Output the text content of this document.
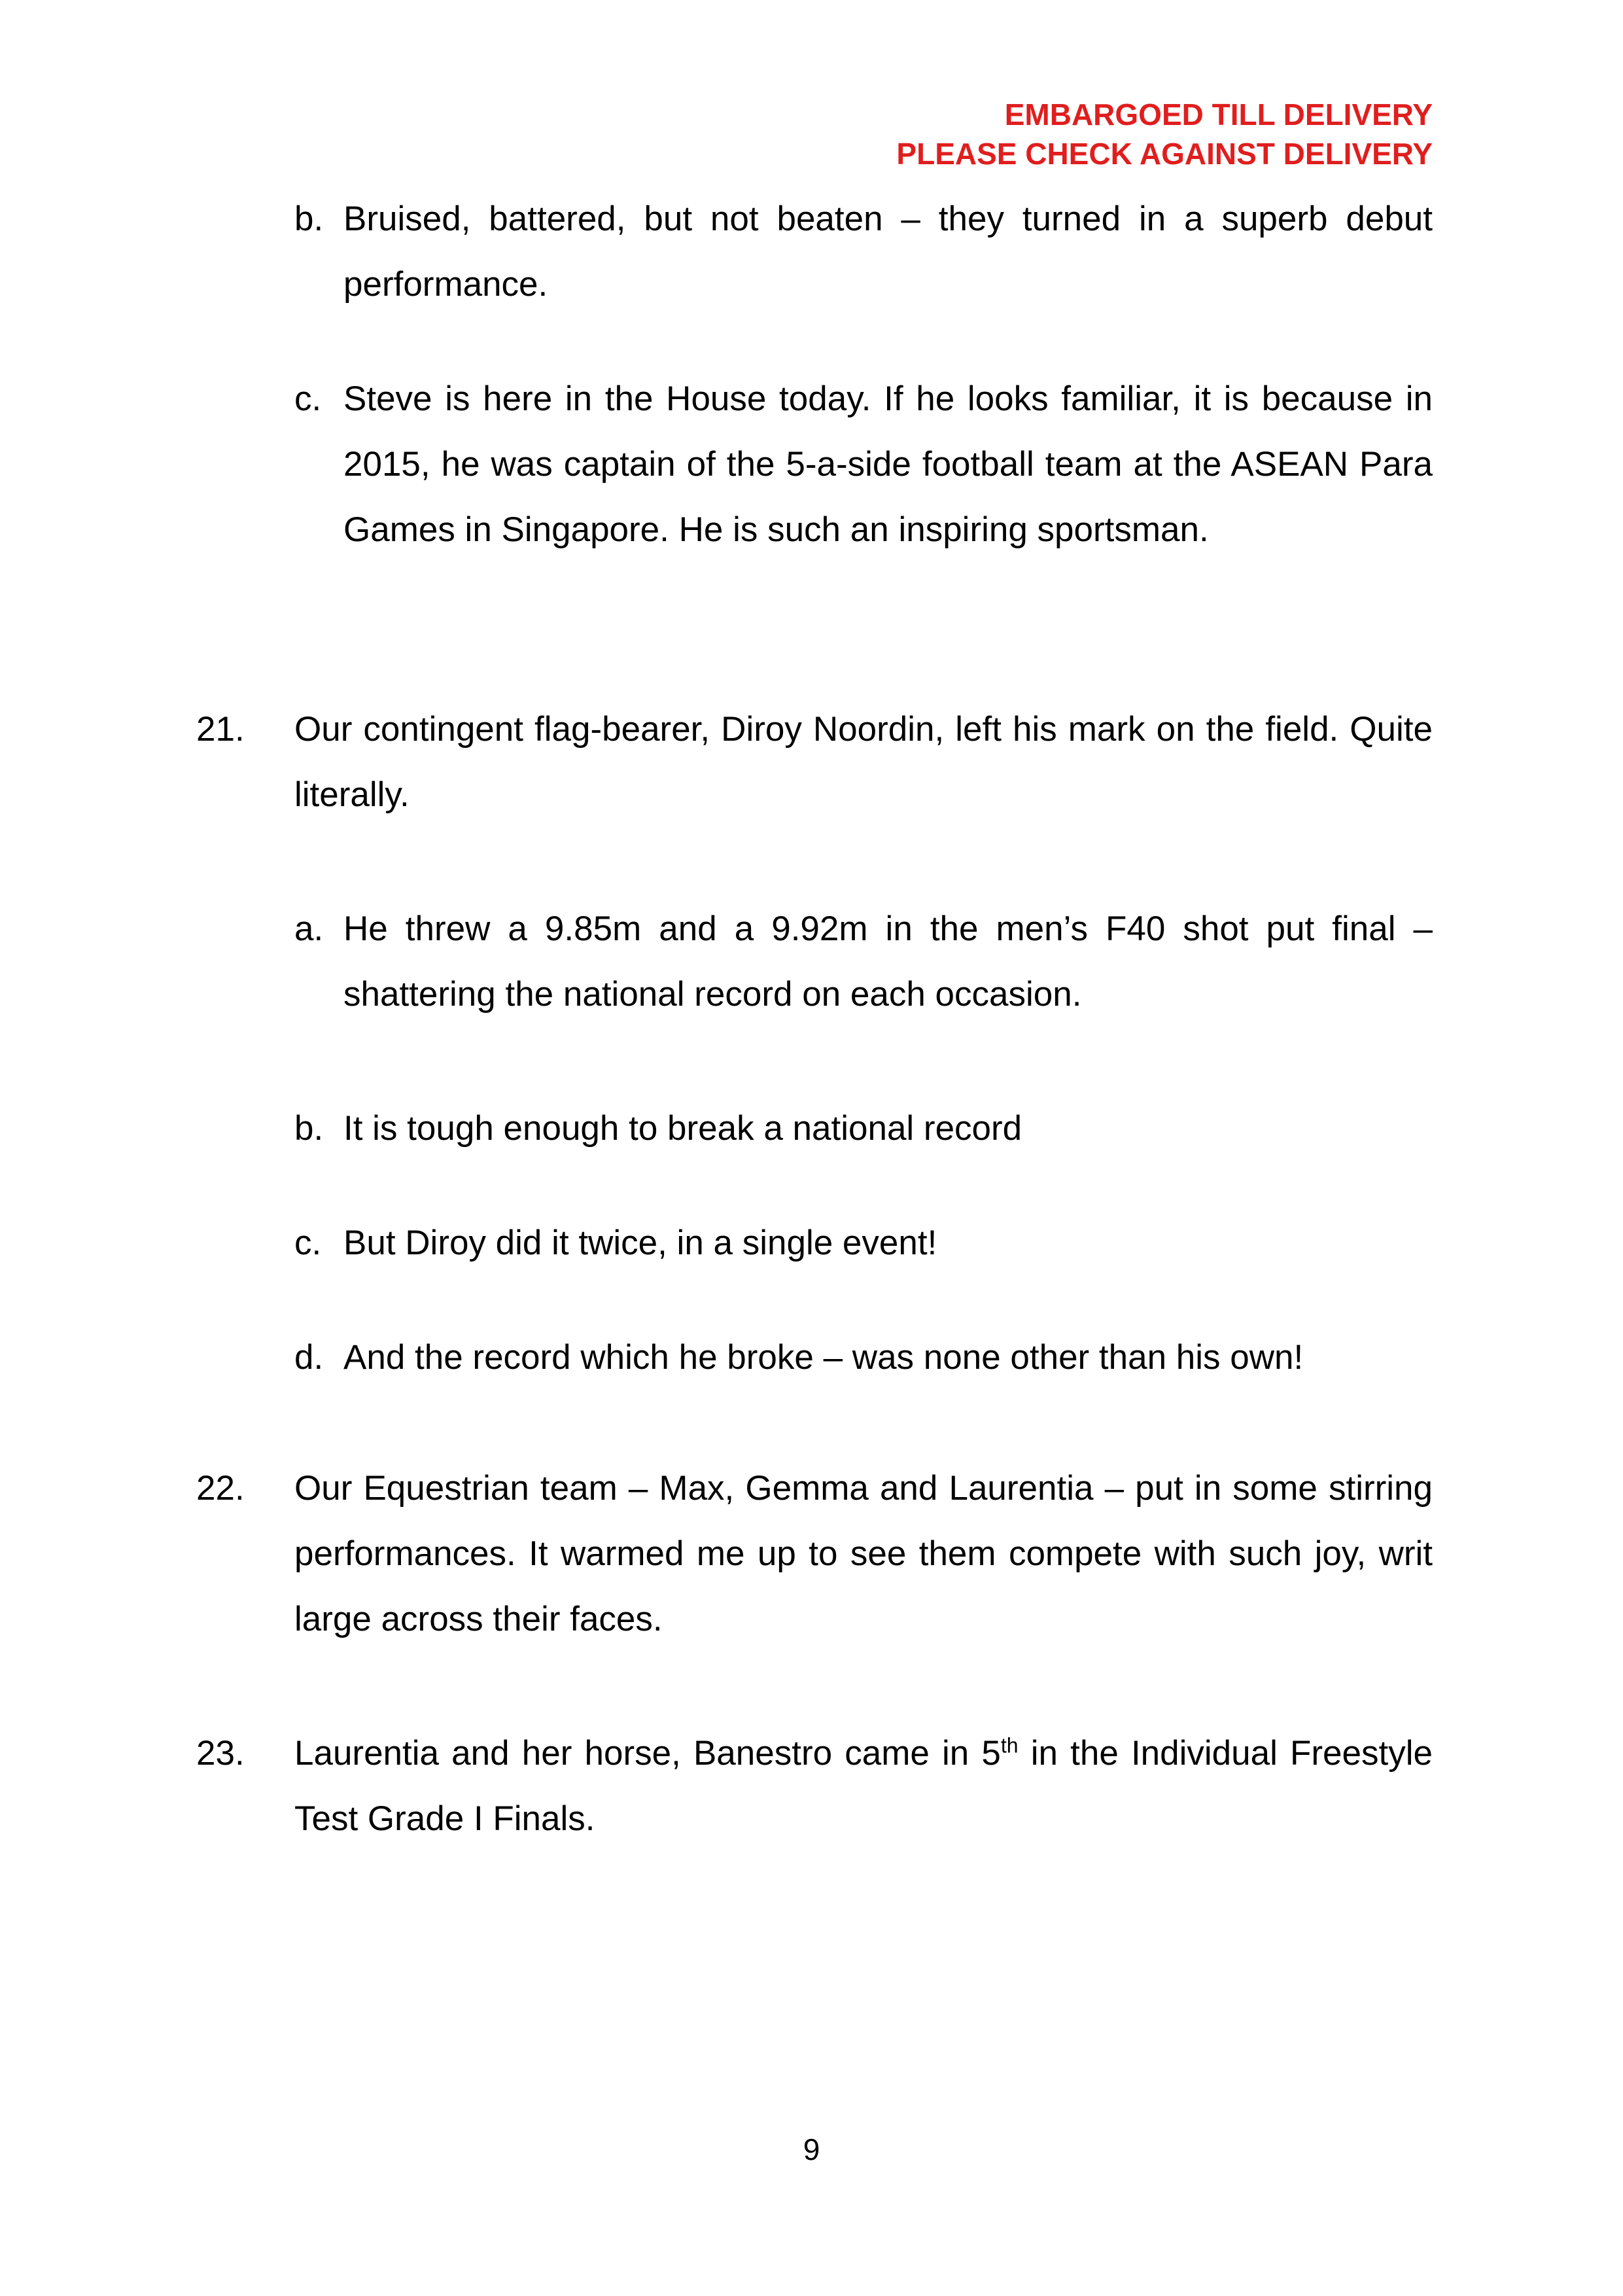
EMBARGOED TILL DELIVERY
PLEASE CHECK AGAINST DELIVERY
b. Bruised, battered, but not beaten – they turned in a superb debut performance.
c. Steve is here in the House today. If he looks familiar, it is because in 2015, he was captain of the 5-a-side football team at the ASEAN Para Games in Singapore. He is such an inspiring sportsman.
21. Our contingent flag-bearer, Diroy Noordin, left his mark on the field. Quite literally.
a. He threw a 9.85m and a 9.92m in the men’s F40 shot put final – shattering the national record on each occasion.
b. It is tough enough to break a national record
c. But Diroy did it twice, in a single event!
d. And the record which he broke – was none other than his own!
22. Our Equestrian team – Max, Gemma and Laurentia – put in some stirring performances. It warmed me up to see them compete with such joy, writ large across their faces.
23. Laurentia and her horse, Banestro came in 5th in the Individual Freestyle Test Grade I Finals.
9
